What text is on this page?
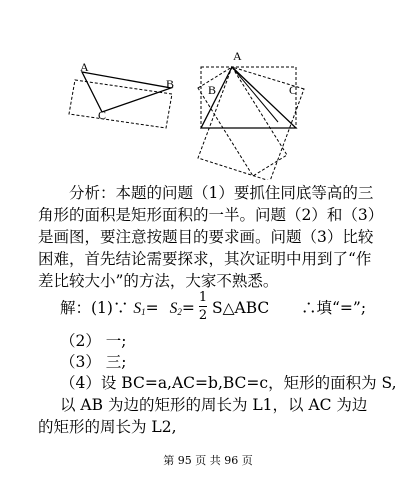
A
B
C
A
B	C
分析：本题的问题（1）要抓住同底等高的三角形的面积是矩形面积的一半。问题（2）和（3）是画图，要注意按题目的要求画。问题（3）比较困难，首先结论需要探求，其次证明中用到了“作差比较大小”的方法，大家不熟悉。
解：(1)∵ $S_1= S_2=$
1
2 S△ABC ∴填“=”;
（2） 一;
（3） 三;
（4）设 BC=a,AC=b,BC=c，矩形的面积为 S,
以 AB 为边的矩形的周长为 L1，以 AC 为边
的矩形的周长为 L2,
第 95 页 共 96 页
